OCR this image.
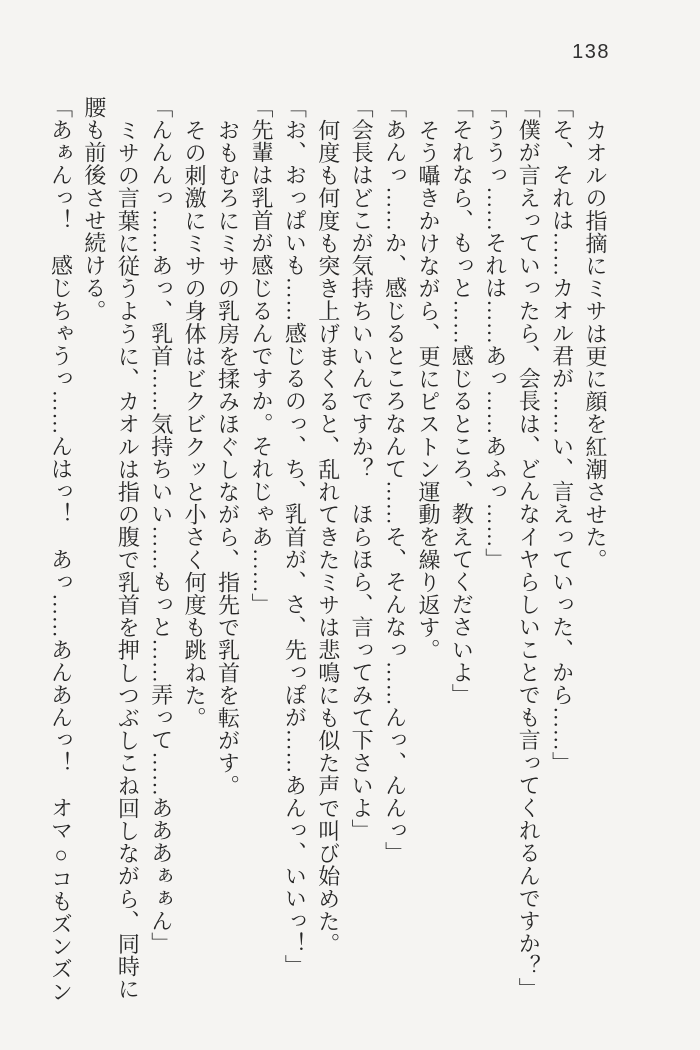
138

カオルの指摘にミサは更に顔を紅潮させた。

「そ、それは……カオル君が……い、言えっていった、から……」

「僕が言えっていったら、会長は、どんなイヤらしいことでも言ってくれるんですか？」

「ううっ……それは……あっ……あふっ……」

「それなら、もっと……感じるところ、教えてくださいよ」

そう囁きかけながら、更にピストン運動を繰り返す。

「あんっ……か、感じるところなんて……そ、そんなっ……んっ、んんっ」

「会長はどこが気持ちいいんですか？　ほらほら、言ってみて下さいよ」

何度も何度も突き上げまくると、乱れてきたミサは悲鳴にも似た声で叫び始めた。

「お、おっぱいも……感じるのっ、ち、乳首が、さ、先っぽが……あんっ、いいっ！」

「先輩は乳首が感じるんですか。それじゃあ……」

おもむろにミサの乳房を揉みほぐしながら、指先で乳首を転がす。

その刺激にミサの身体はビクビクッと小さく何度も跳ねた。

「んんんっ……あっ、乳首……気持ちいい……もっと……弄って……あああぁぁん」

ミサの言葉に従うように、カオルは指の腹で乳首を押しつぶしこね回しながら、同時に

腰も前後させ続ける。

「あぁんっ！　感じちゃうっ……んはっ！　あっ……あんあんっ！　オマ○コもズンズン
